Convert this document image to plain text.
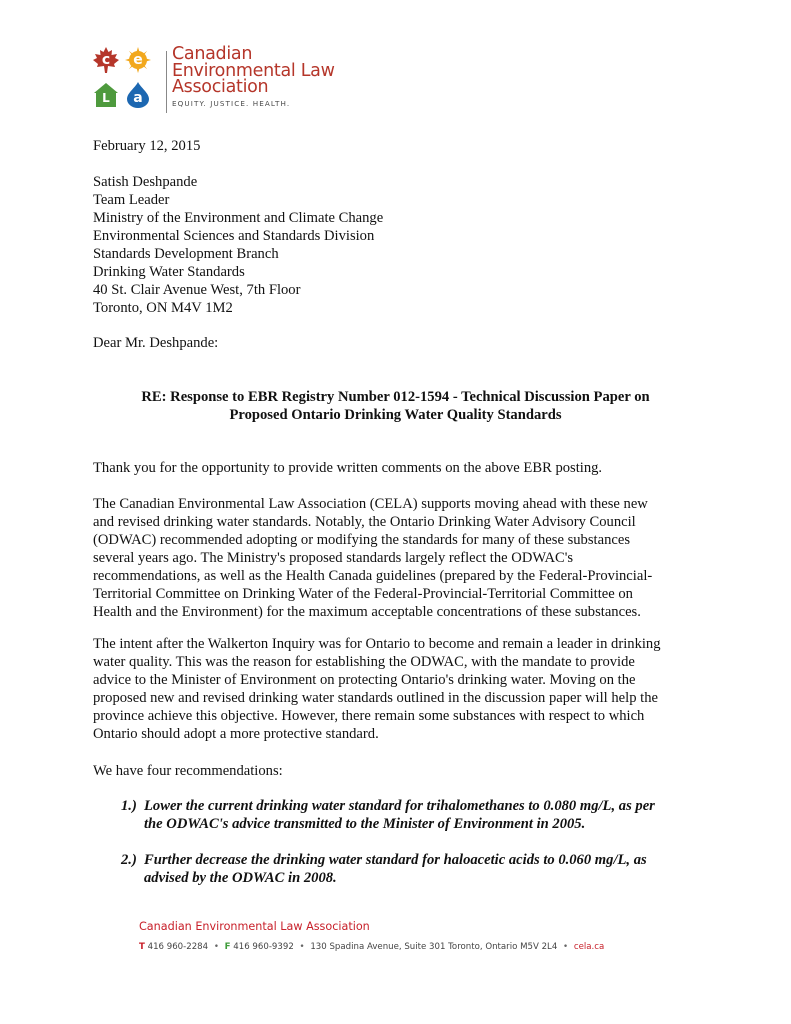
c e
L a
Canadian
Environmental Law
Association
EQUITY. JUSTICE. HEALTH.
February 12, 2015
Satish Deshpande
Team Leader
Ministry of the Environment and Climate Change
Environmental Sciences and Standards Division
Standards Development Branch
Drinking Water Standards
40 St. Clair Avenue West, 7th Floor
Toronto, ON M4V 1M2
Dear Mr. Deshpande:
RE: Response to EBR Registry Number 012-1594 - Technical Discussion Paper on
Proposed Ontario Drinking Water Quality Standards
Thank you for the opportunity to provide written comments on the above EBR posting.
The Canadian Environmental Law Association (CELA) supports moving ahead with these new
and revised drinking water standards. Notably, the Ontario Drinking Water Advisory Council
(ODWAC) recommended adopting or modifying the standards for many of these substances
several years ago. The Ministry's proposed standards largely reflect the ODWAC's
recommendations, as well as the Health Canada guidelines (prepared by the Federal-Provincial-
Territorial Committee on Drinking Water of the Federal-Provincial-Territorial Committee on
Health and the Environment) for the maximum acceptable concentrations of these substances.
The intent after the Walkerton Inquiry was for Ontario to become and remain a leader in drinking
water quality. This was the reason for establishing the ODWAC, with the mandate to provide
advice to the Minister of Environment on protecting Ontario's drinking water. Moving on the
proposed new and revised drinking water standards outlined in the discussion paper will help the
province achieve this objective. However, there remain some substances with respect to which
Ontario should adopt a more protective standard.
We have four recommendations:
1.) Lower the current drinking water standard for trihalomethanes to 0.080 mg/L, as per
the ODWAC's advice transmitted to the Minister of Environment in 2005.
2.) Further decrease the drinking water standard for haloacetic acids to 0.060 mg/L, as
advised by the ODWAC in 2008.
Canadian Environmental Law Association
T 416 960-2284 • F 416 960-9392 • 130 Spadina Avenue, Suite 301 Toronto, Ontario M5V 2L4 • cela.ca
